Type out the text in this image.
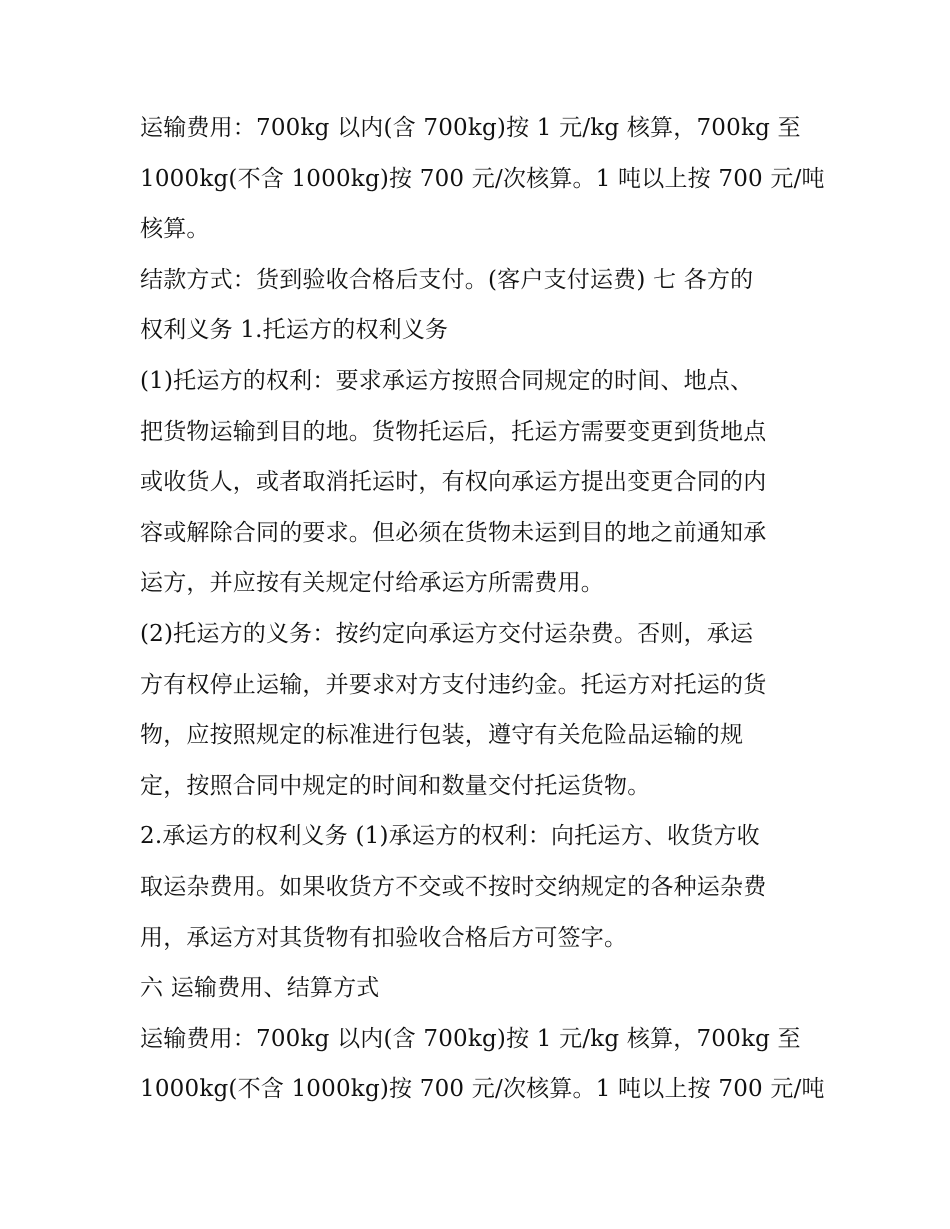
运输费用：700kg 以内(含 700kg)按 1 元/kg 核算，700kg 至
1000kg(不含 1000kg)按 700 元/次核算。1 吨以上按 700 元/吨
核算。
结款方式：货到验收合格后支付。(客户支付运费) 七 各方的
权利义务 1.托运方的权利义务
(1)托运方的权利：要求承运方按照合同规定的时间、地点、
把货物运输到目的地。货物托运后，托运方需要变更到货地点
或收货人，或者取消托运时，有权向承运方提出变更合同的内
容或解除合同的要求。但必须在货物未运到目的地之前通知承
运方，并应按有关规定付给承运方所需费用。
(2)托运方的义务：按约定向承运方交付运杂费。否则，承运
方有权停止运输，并要求对方支付违约金。托运方对托运的货
物，应按照规定的标准进行包装，遵守有关危险品运输的规
定，按照合同中规定的时间和数量交付托运货物。
2.承运方的权利义务 (1)承运方的权利：向托运方、收货方收
取运杂费用。如果收货方不交或不按时交纳规定的各种运杂费
用，承运方对其货物有扣验收合格后方可签字。
六 运输费用、结算方式
运输费用：700kg 以内(含 700kg)按 1 元/kg 核算，700kg 至
1000kg(不含 1000kg)按 700 元/次核算。1 吨以上按 700 元/吨
